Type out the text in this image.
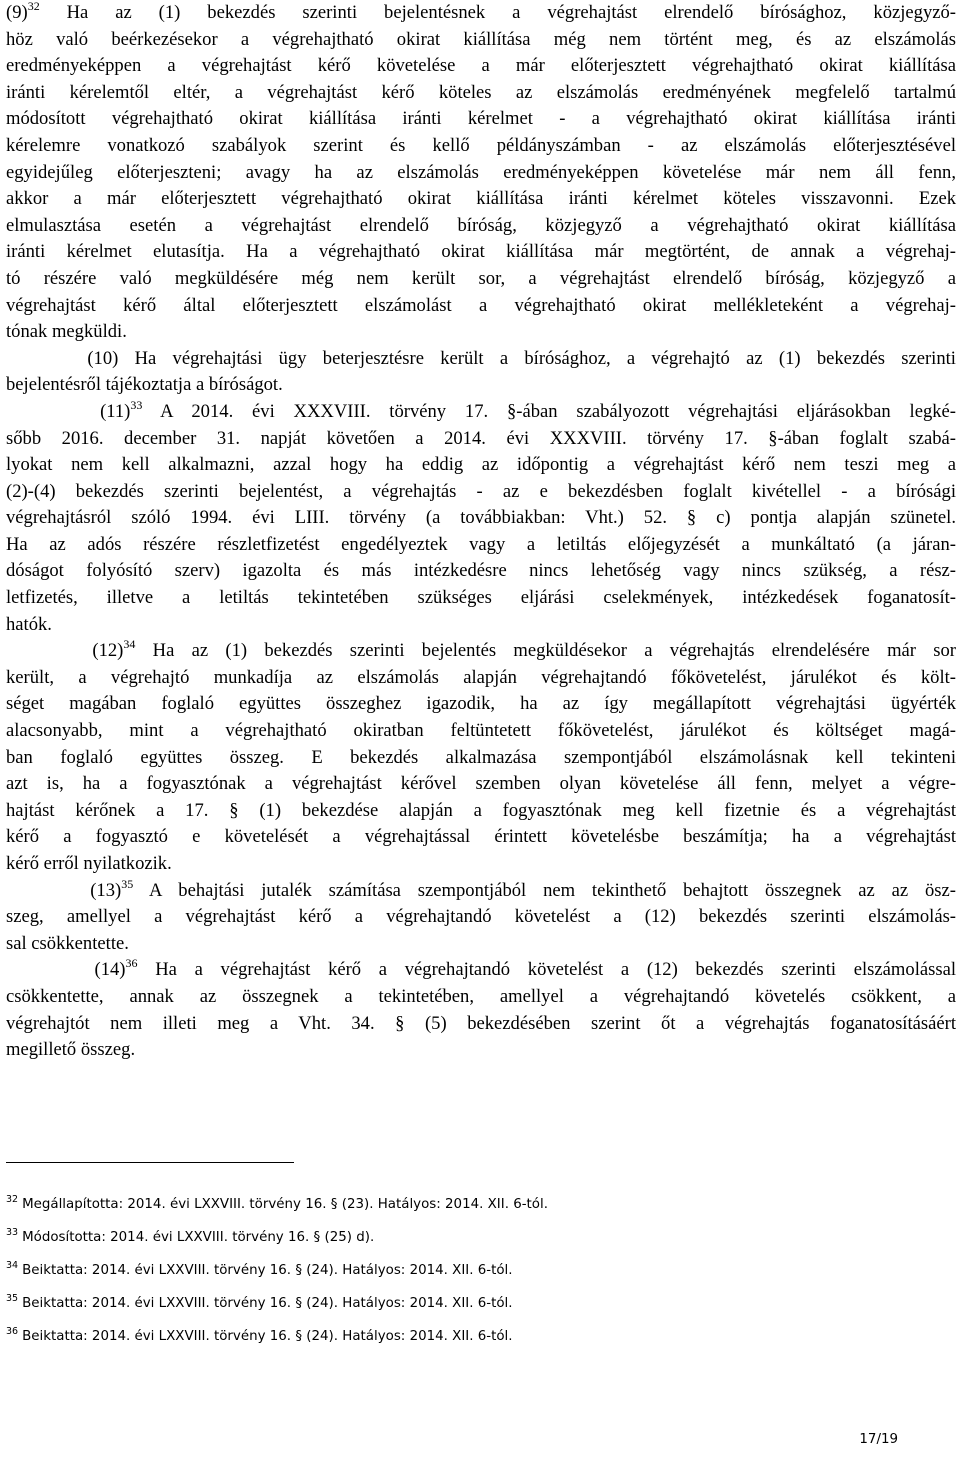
$(9)^{32}$ Ha az (1) bekezdés szerinti bejelentésnek a végrehajtást elrendelő bírósághoz, közjegyző-
höz való beérkezésekor a végrehajtható okirat kiállítása még nem történt meg, és az elszámolás
eredményeképpen a végrehajtást kérő követelése a már előterjesztett végrehajtható okirat kiállítása
iránti kérelemtől eltér, a végrehajtást kérő köteles az elszámolás eredményének megfelelő tartalmú
módosított végrehajtható okirat kiállítása iránti kérelmet - a végrehajtható okirat kiállítása iránti
kérelemre vonatkozó szabályok szerint és kellő példányszámban - az elszámolás előterjesztésével
egyidejűleg előterjeszteni; avagy ha az elszámolás eredményeképpen követelése már nem áll fenn,
akkor a már előterjesztett végrehajtható okirat kiállítása iránti kérelmet köteles visszavonni. Ezek
elmulasztása esetén a végrehajtást elrendelő bíróság, közjegyző a végrehajtható okirat kiállítása
iránti kérelmet elutasítja. Ha a végrehajtható okirat kiállítása már megtörtént, de annak a végrehaj-
tó részére való megküldésére még nem került sor, a végrehajtást elrendelő bíróság, közjegyző a
végrehajtást kérő által előterjesztett elszámolást a végrehajtható okirat mellékleteként a végrehaj-
tónak megküldi.
(10) Ha végrehajtási ügy beterjesztésre került a bírósághoz, a végrehajtó az (1) bekezdés szerinti
bejelentésről tájékoztatja a bíróságot.
$(11)^{33}$ A 2014. évi XXXVIII. törvény 17. §-ában szabályozott végrehajtási eljárásokban legké-
sőbb 2016. december 31. napját követően a 2014. évi XXXVIII. törvény 17. §-ában foglalt szabá-
lyokat nem kell alkalmazni, azzal hogy ha eddig az időpontig a végrehajtást kérő nem teszi meg a
(2)-(4) bekezdés szerinti bejelentést, a végrehajtás - az e bekezdésben foglalt kivétellel - a bírósági
végrehajtásról szóló 1994. évi LIII. törvény (a továbbiakban: Vht.) 52. § c) pontja alapján szünetel.
Ha az adós részére részletfizetést engedélyeztek vagy a letiltás előjegyzését a munkáltató (a járan-
dóságot folyósító szerv) igazolta és más intézkedésre nincs lehetőség vagy nincs szükség, a rész-
letfizetés, illetve a letiltás tekintetében szükséges eljárási cselekmények, intézkedések foganatosít-
hatók.
$(12)^{34}$ Ha az (1) bekezdés szerinti bejelentés megküldésekor a végrehajtás elrendelésére már sor
került, a végrehajtó munkadíja az elszámolás alapján végrehajtandó főkövetelést, járulékot és költ-
séget magában foglaló együttes összeghez igazodik, ha az így megállapított végrehajtási ügyérték
alacsonyabb, mint a végrehajtható okiratban feltüntetett főkövetelést, járulékot és költséget magá-
ban foglaló együttes összeg. E bekezdés alkalmazása szempontjából elszámolásnak kell tekinteni
azt is, ha a fogyasztónak a végrehajtást kérővel szemben olyan követelése áll fenn, melyet a végre-
hajtást kérőnek a 17. § (1) bekezdése alapján a fogyasztónak meg kell fizetnie és a végrehajtást
kérő a fogyasztó e követelését a végrehajtással érintett követelésbe beszámítja; ha a végrehajtást
kérő erről nyilatkozik.
$(13)^{35}$ A behajtási jutalék számítása szempontjából nem tekinthető behajtott összegnek az az ösz-
szeg, amellyel a végrehajtást kérő a végrehajtandó követelést a (12) bekezdés szerinti elszámolás-
sal csökkentette.
$(14)^{36}$ Ha a végrehajtást kérő a végrehajtandó követelést a (12) bekezdés szerinti elszámolással
csökkentette, annak az összegnek a tekintetében, amellyel a végrehajtandó követelés csökkent, a
végrehajtót nem illeti meg a Vht. 34. § (5) bekezdésében szerint őt a végrehajtás foganatosításáért
megillető összeg.
$^{32}$ Megállapította: 2014. évi LXXVIII. törvény 16. § (23). Hatályos: 2014. XII. 6-tól.
$^{33}$ Módosította: 2014. évi LXXVIII. törvény 16. § (25) d).
$^{34}$ Beiktatta: 2014. évi LXXVIII. törvény 16. § (24). Hatályos: 2014. XII. 6-tól.
$^{35}$ Beiktatta: 2014. évi LXXVIII. törvény 16. § (24). Hatályos: 2014. XII. 6-tól.
$^{36}$ Beiktatta: 2014. évi LXXVIII. törvény 16. § (24). Hatályos: 2014. XII. 6-tól.
17/19
